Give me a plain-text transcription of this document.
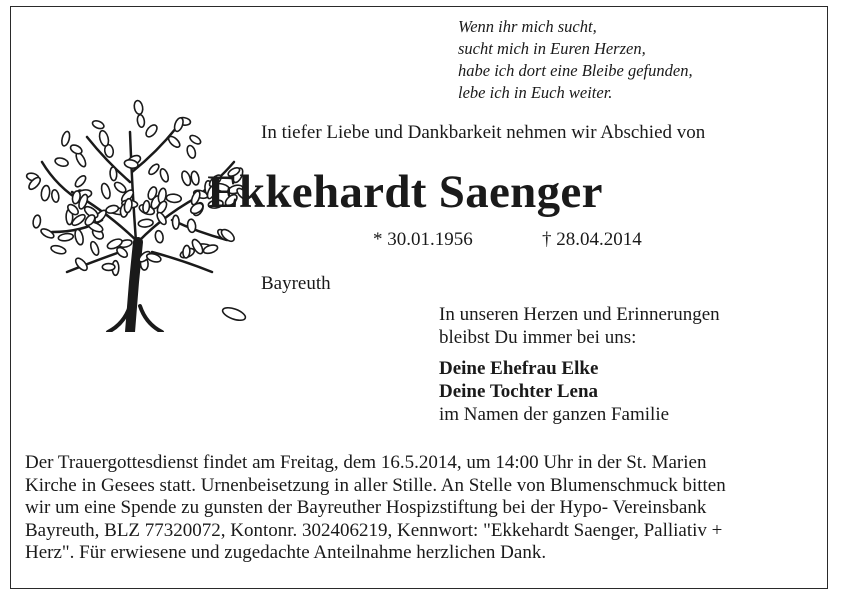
Wenn ihr mich sucht,
sucht mich in Euren Herzen,
habe ich dort eine Bleibe gefunden,
lebe ich in Euch weiter.
In tiefer Liebe und Dankbarkeit nehmen wir Abschied von
Ekkehardt Saenger
* 30.01.1956	† 28.04.2014
Bayreuth
In unseren Herzen und Erinnerungen
bleibst Du immer bei uns:
Deine Ehefrau Elke
Deine Tochter Lena
im Namen der ganzen Familie
Der Trauergottesdienst findet am Freitag, dem 16.5.2014, um 14:00 Uhr in der St. Marien
Kirche in Gesees statt. Urnenbeisetzung in aller Stille. An Stelle von Blumenschmuck bitten
wir um eine Spende zu gunsten der Bayreuther Hospizstiftung bei der Hypo- Vereinsbank
Bayreuth, BLZ 77320072, Kontonr. 302406219, Kennwort: "Ekkehardt Saenger, Palliativ +
Herz". Für erwiesene und zugedachte Anteilnahme herzlichen Dank.
